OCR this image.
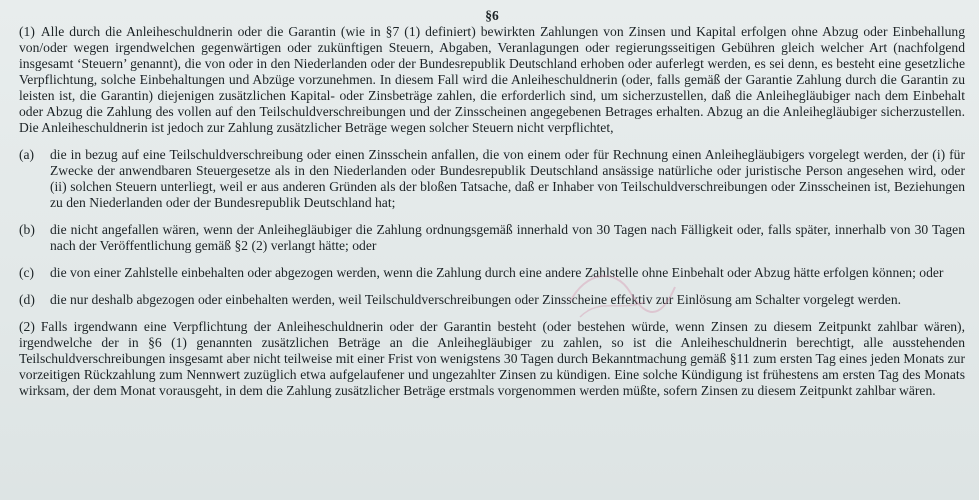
§6

(1) Alle durch die Anleiheschuldnerin oder die Garantin (wie in §7 (1) definiert) bewirkten Zahlungen von Zinsen und Kapital erfolgen ohne Abzug oder Einbehallung von/oder wegen irgendwelchen gegenwärtigen oder zukünftigen Steuern, Abgaben, Veranlagungen oder regierungsseitigen Gebühren gleich welcher Art (nachfolgend insgesamt ‘Steuern’ genannt), die von oder in den Niederlanden oder der Bundesrepublik Deutschland erhoben oder auferlegt werden, es sei denn, es besteht eine gesetzliche Verpflichtung, solche Einbehaltungen und Abzüge vorzunehmen. In diesem Fall wird die Anleiheschuldnerin (oder, falls gemäß der Garantie Zahlung durch die Garantin zu leisten ist, die Garantin) diejenigen zusätzlichen Kapital- oder Zinsbeträge zahlen, die erforderlich sind, um sicherzustellen, daß die Anleihegläubiger nach dem Einbehalt oder Abzug die Zahlung des vollen auf den Teilschuldverschreibungen und der Zinsscheinen angegebenen Betrages erhalten. Abzug an die Anleihegläubiger sicherzustellen. Die Anleiheschuldnerin ist jedoch zur Zahlung zusätzlicher Beträge wegen solcher Steuern nicht verpflichtet,

(a)	die in bezug auf eine Teilschuldverschreibung oder einen Zinsschein anfallen, die von einem oder für Rechnung einen Anleihegläubigers vorgelegt werden, der (i) für Zwecke der anwendbaren Steuergesetze als in den Niederlanden oder Bundesrepublik Deutschland ansässige natürliche oder juristische Person angesehen wird, oder (ii) solchen Steuern unterliegt, weil er aus anderen Gründen als der bloßen Tatsache, daß er Inhaber von Teilschuldverschreibungen oder Zinsscheinen ist, Beziehungen zu den Niederlanden oder der Bundesrepublik Deutschland hat;
(b)	die nicht angefallen wären, wenn der Anleihegläubiger die Zahlung ordnungsgemäß innerhald von 30 Tagen nach Fälligkeit oder, falls später, innerhalb von 30 Tagen nach der Veröffentlichung gemäß §2 (2) verlangt hätte; oder
(c)	die von einer Zahlstelle einbehalten oder abgezogen werden, wenn die Zahlung durch eine andere Zahlstelle ohne Einbehalt oder Abzug hätte erfolgen können; oder
(d)	die nur deshalb abgezogen oder einbehalten werden, weil Teilschuldverschreibungen oder Zinsscheine effektiv zur Einlösung am Schalter vorgelegt werden.

(2) Falls irgendwann eine Verpflichtung der Anleiheschuldnerin oder der Garantin besteht (oder bestehen würde, wenn Zinsen zu diesem Zeitpunkt zahlbar wären), irgendwelche der in §6 (1) genannten zusätzlichen Beträge an die Anleihegläubiger zu zahlen, so ist die Anleiheschuldnerin berechtigt, alle ausstehenden Teilschuldverschreibungen insgesamt aber nicht teilweise mit einer Frist von wenigstens 30 Tagen durch Bekanntmachung gemäß §11 zum ersten Tag eines jeden Monats zur vorzeitigen Rückzahlung zum Nennwert zuzüglich etwa aufgelaufener und ungezahlter Zinsen zu kündigen. Eine solche Kündigung ist frühestens am ersten Tag des Monats wirksam, der dem Monat vorausgeht, in dem die Zahlung zusätzlicher Beträge erstmals vorgenommen werden müßte, sofern Zinsen zu diesem Zeitpunkt zahlbar wären.
